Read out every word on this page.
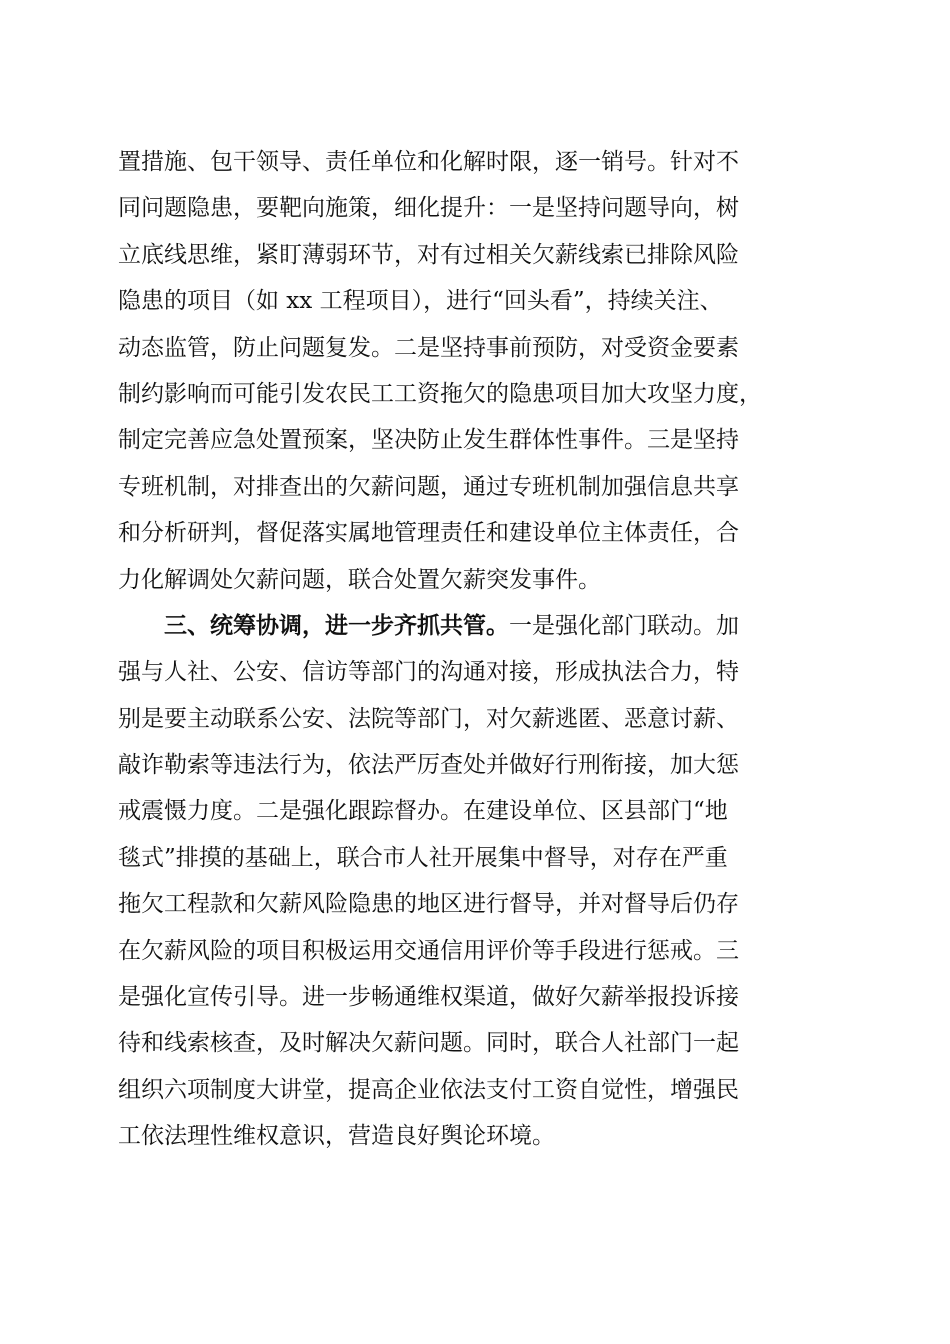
置措施、包干领导、责任单位和化解时限，逐一销号。针对不
同问题隐患，要靶向施策，细化提升：一是坚持问题导向，树
立底线思维，紧盯薄弱环节，对有过相关欠薪线索已排除风险
隐患的项目（如 xx 工程项目），进行“回头看”，持续关注、
动态监管，防止问题复发。二是坚持事前预防，对受资金要素
制约影响而可能引发农民工工资拖欠的隐患项目加大攻坚力度，
制定完善应急处置预案，坚决防止发生群体性事件。三是坚持
专班机制，对排查出的欠薪问题，通过专班机制加强信息共享
和分析研判，督促落实属地管理责任和建设单位主体责任，合
力化解调处欠薪问题，联合处置欠薪突发事件。
三、统筹协调，进一步齐抓共管。一是强化部门联动。加
强与人社、公安、信访等部门的沟通对接，形成执法合力，特
别是要主动联系公安、法院等部门，对欠薪逃匿、恶意讨薪、
敲诈勒索等违法行为，依法严厉查处并做好行刑衔接，加大惩
戒震慑力度。二是强化跟踪督办。在建设单位、区县部门“地
毯式”排摸的基础上，联合市人社开展集中督导，对存在严重
拖欠工程款和欠薪风险隐患的地区进行督导，并对督导后仍存
在欠薪风险的项目积极运用交通信用评价等手段进行惩戒。三
是强化宣传引导。进一步畅通维权渠道，做好欠薪举报投诉接
待和线索核查，及时解决欠薪问题。同时，联合人社部门一起
组织六项制度大讲堂，提高企业依法支付工资自觉性，增强民
工依法理性维权意识，营造良好舆论环境。
